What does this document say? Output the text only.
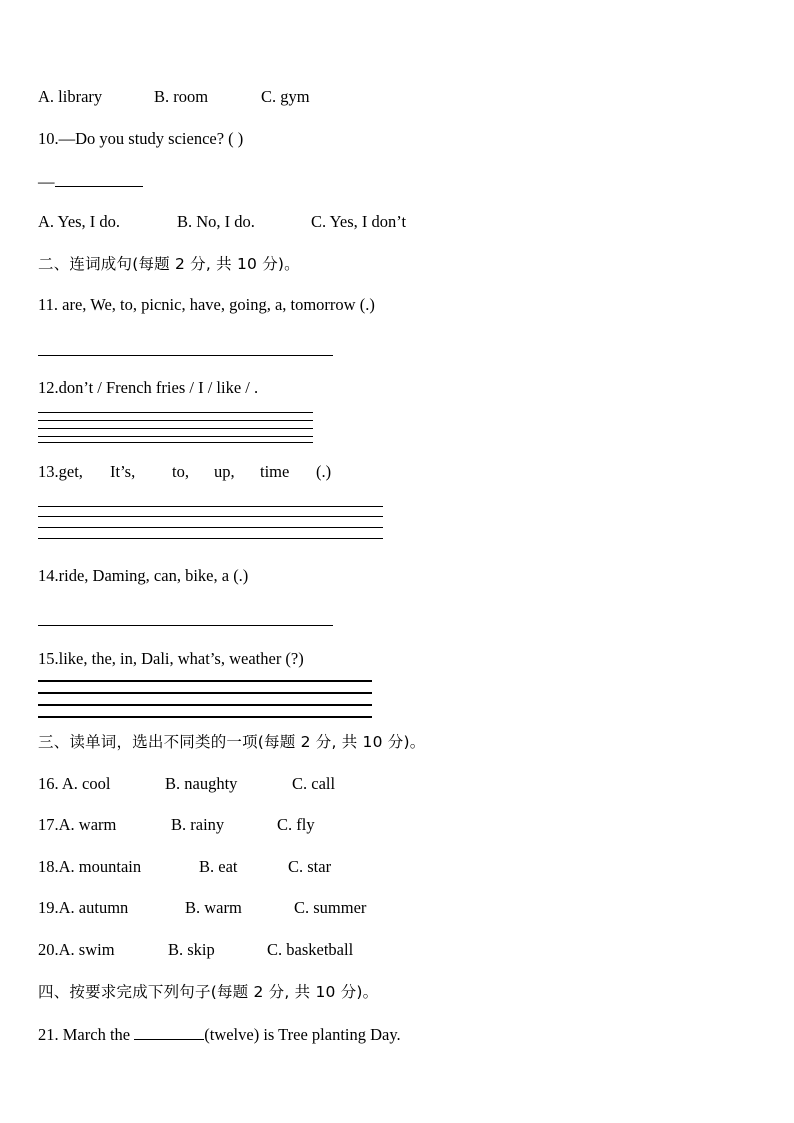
A. library	B. room	C. gym
10.—Do you study science? ( )
—
A. Yes, I do.	B. No, I do.	C. Yes, I don’t
二、连词成句(每题 2 分, 共 10 分)。
11. are, We, to, picnic, have, going, a, tomorrow (.)
12.don’t / French fries / I / like / .
13.get, It’s, to, up, time (.)
14.ride, Daming, can, bike, a (.)
15.like, the, in, Dali, what’s, weather (?)
三、读单词，选出不同类的一项(每题 2 分, 共 10 分)。
16. A. cool	B. naughty	C. call
17.A. warm	B. rainy	C. fly
18.A. mountain	B. eat	C. star
19.A. autumn	B. warm	C. summer
20.A. swim	B. skip	C. basketball
四、按要求完成下列句子(每题 2 分, 共 10 分)。
21. March the	(twelve) is Tree planting Day.
